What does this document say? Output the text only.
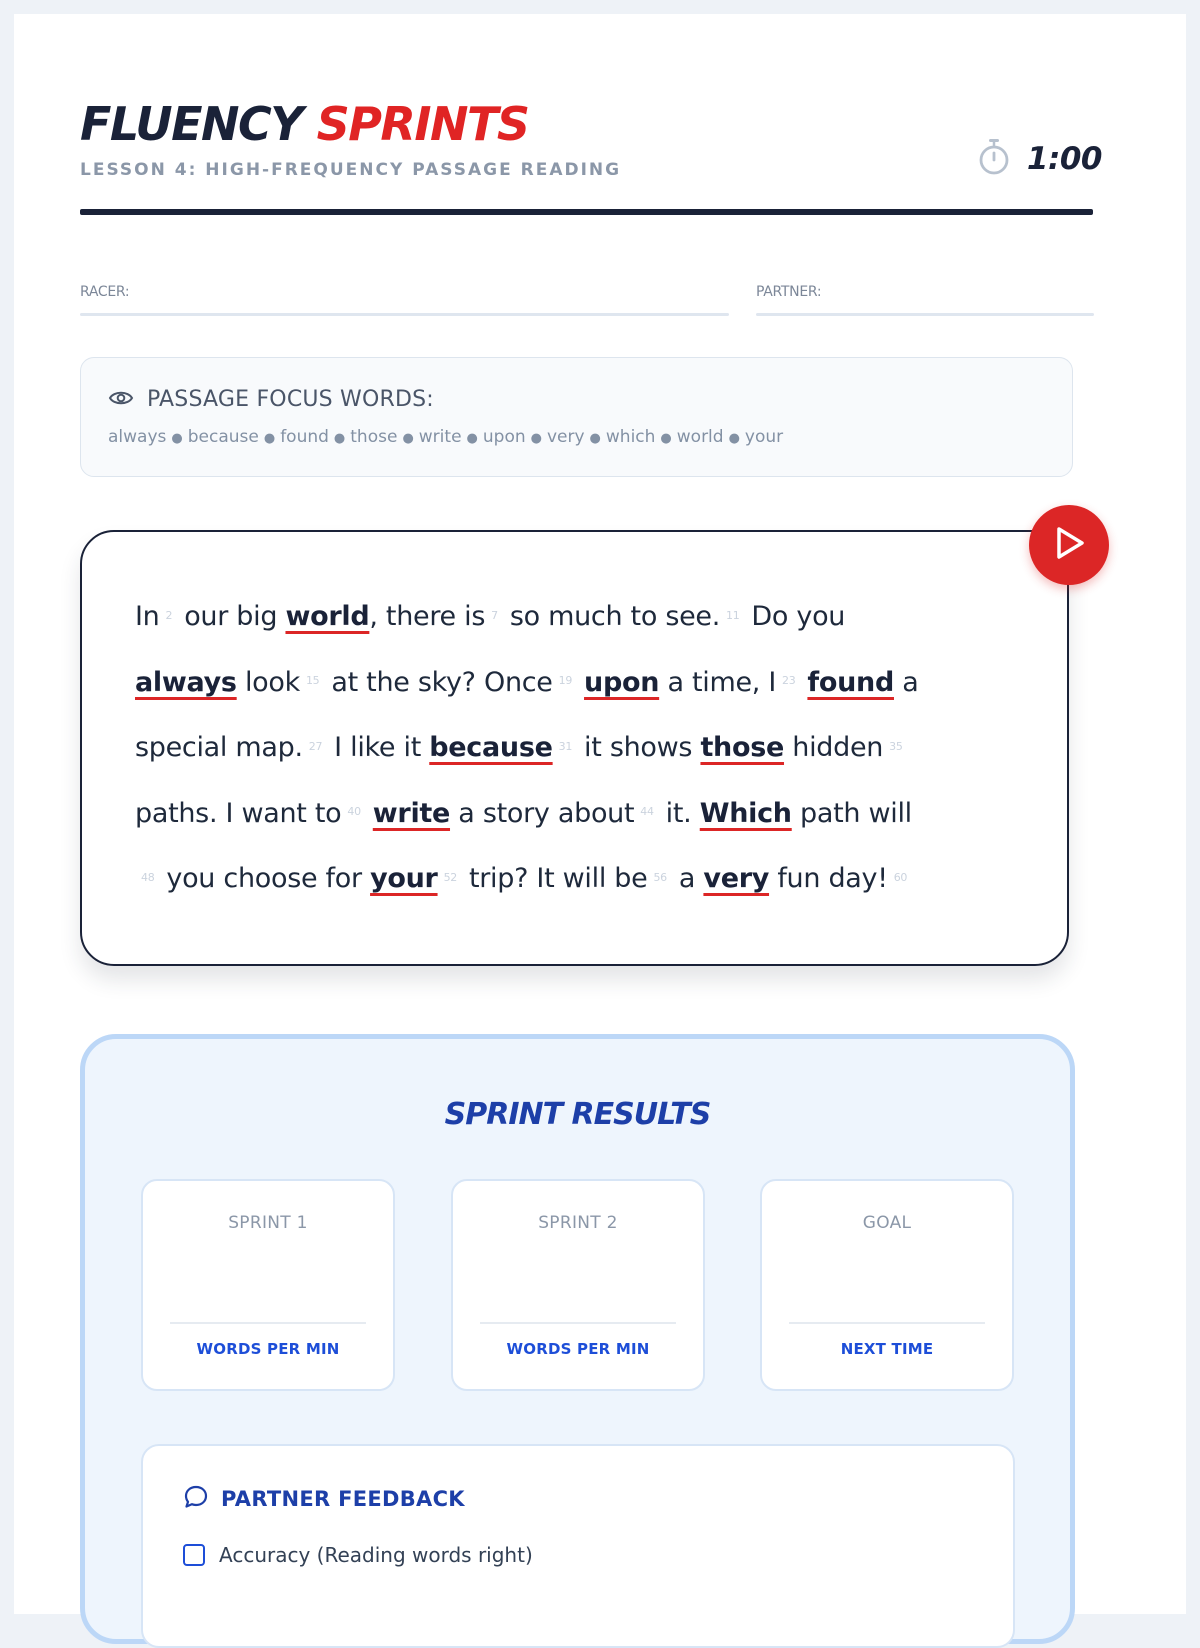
FLUENCY SPRINTS
LESSON 4: HIGH-FREQUENCY PASSAGE READING	1:00
RACER:	PARTNER:
PASSAGE FOCUS WORDS:
always ● because ● found ● those ● write ● upon ● very ● which ● world ● your
In 2 our big world, there is 7 so much to see. 11 Do you
always look 15 at the sky? Once 19 upon a time, I 23 found a
special map. 27 I like it because 31 it shows those hidden 35
paths. I want to 40 write a story about 44 it. Which path will
48 you choose for your 52 trip? It will be 56 a very fun day! 60
SPRINT RESULTS
SPRINT 1
WORDS PER MIN
SPRINT 2
WORDS PER MIN
GOAL
NEXT TIME
PARTNER FEEDBACK
Accuracy (Reading words right)
